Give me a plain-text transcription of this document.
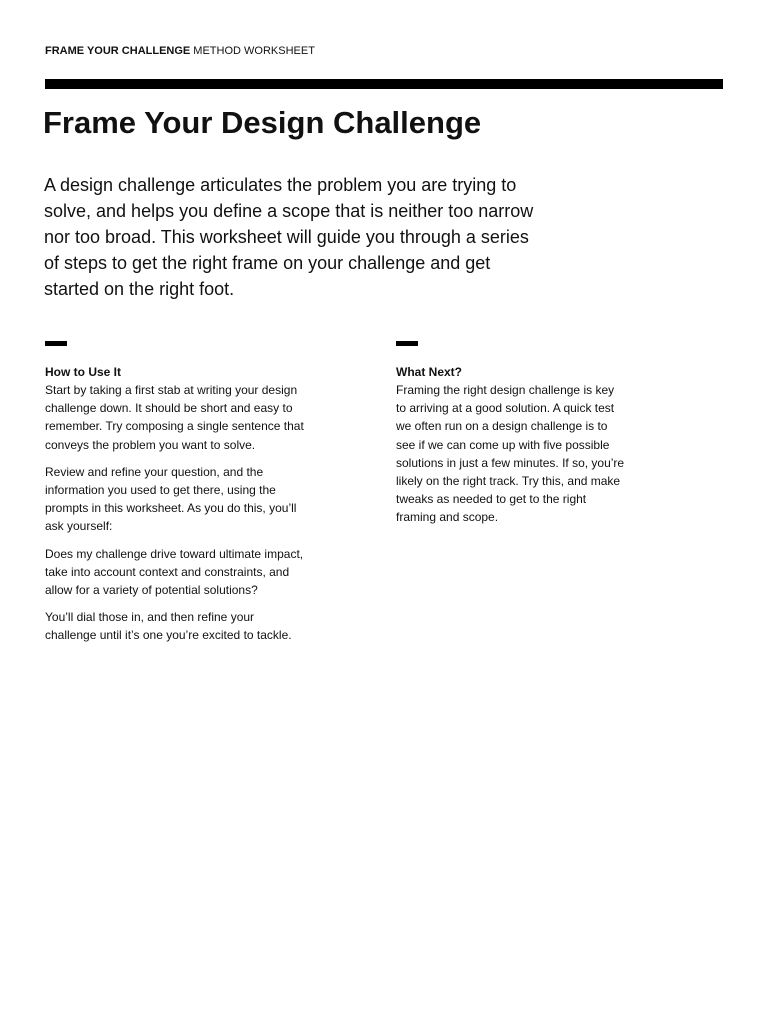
FRAME YOUR CHALLENGE METHOD WORKSHEET
Frame Your Design Challenge

A design challenge articulates the problem you are trying to solve, and helps you define a scope that is neither too narrow nor too broad. This worksheet will guide you through a series of steps to get the right frame on your challenge and get started on the right foot.

How to Use It

Start by taking a first stab at writing your design challenge down. It should be short and easy to remember. Try composing a single sentence that conveys the problem you want to solve.

Review and refine your question, and the information you used to get there, using the prompts in this worksheet. As you do this, you’ll ask yourself:

Does my challenge drive toward ultimate impact, take into account context and constraints, and allow for a variety of potential solutions?

You’ll dial those in, and then refine your challenge until it’s one you’re excited to tackle.

What Next?

Framing the right design challenge is key to arriving at a good solution. A quick test we often run on a design challenge is to see if we can come up with five possible solutions in just a few minutes. If so, you’re likely on the right track. Try this, and make tweaks as needed to get to the right framing and scope.
